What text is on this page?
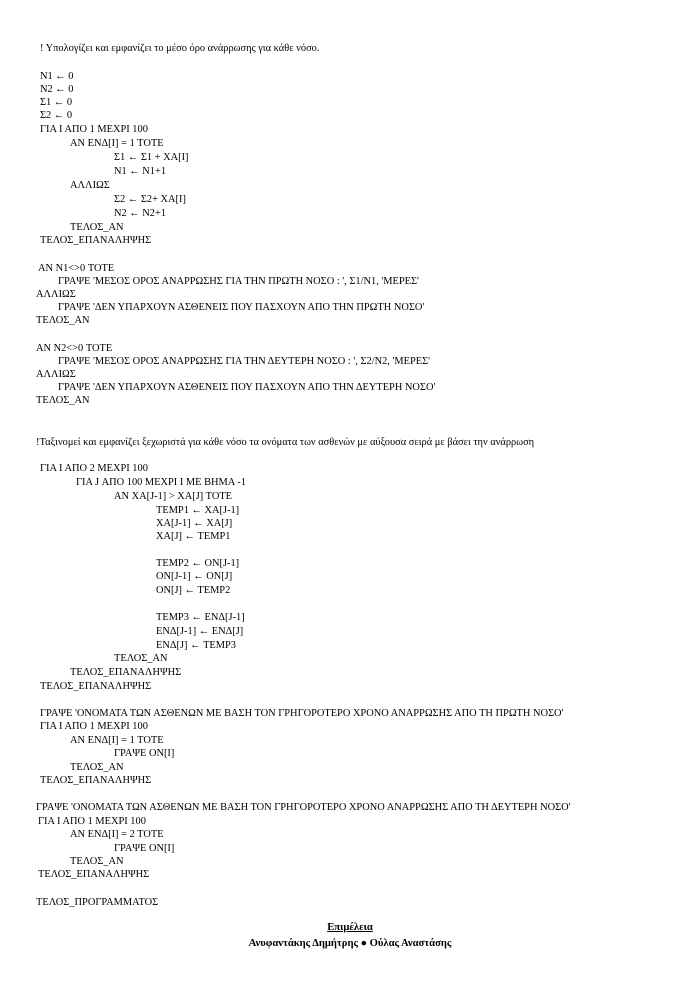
! Υπολογίζει και εμφανίζει το μέσο όρο ανάρρωσης για κάθε νόσο.
N1 ← 0
N2 ← 0
Σ1 ← 0
Σ2 ← 0
ΓΙΑ Ι ΑΠΟ 1 ΜΕΧΡΙ 100
ΑΝ ΕΝΔ[Ι] = 1 ΤΟΤΕ
Σ1 ← Σ1 + ΧΑ[Ι]
N1 ← N1+1
ΑΛΛΙΩΣ
Σ2 ← Σ2+ ΧΑ[Ι]
N2 ← N2+1
ΤΕΛΟΣ_ΑΝ
ΤΕΛΟΣ_ΕΠΑΝΑΛΗΨΗΣ
ΑΝ N1<>0 ΤΟΤΕ
ΓΡΑΨΕ 'ΜΕΣΟΣ ΟΡΟΣ ΑΝΑΡΡΩΣΗΣ ΓΙΑ ΤΗΝ ΠΡΩΤΗ ΝΟΣΟ : ', Σ1/N1, 'ΜΕΡΕΣ'
ΑΛΛΙΩΣ
ΓΡΑΨΕ 'ΔΕΝ ΥΠΑΡΧΟΥΝ ΑΣΘΕΝΕΙΣ ΠΟΥ ΠΑΣΧΟΥΝ ΑΠΟ ΤΗΝ ΠΡΩΤΗ ΝΟΣΟ'
ΤΕΛΟΣ_ΑΝ
ΑΝ N2<>0 ΤΟΤΕ
ΓΡΑΨΕ 'ΜΕΣΟΣ ΟΡΟΣ ΑΝΑΡΡΩΣΗΣ ΓΙΑ ΤΗΝ ΔΕΥΤΕΡΗ ΝΟΣΟ : ', Σ2/N2, 'ΜΕΡΕΣ'
ΑΛΛΙΩΣ
ΓΡΑΨΕ 'ΔΕΝ ΥΠΑΡΧΟΥΝ ΑΣΘΕΝΕΙΣ ΠΟΥ ΠΑΣΧΟΥΝ ΑΠΟ ΤΗΝ ΔΕΥΤΕΡΗ ΝΟΣΟ'
ΤΕΛΟΣ_ΑΝ
!Ταξινομεί και εμφανίζει ξεχωριστά για κάθε νόσο τα ονόματα των ασθενών με αύξουσα σειρά με βάσει την ανάρρωση
ΓΙΑ Ι ΑΠΟ 2 ΜΕΧΡΙ 100
ΓΙΑ J ΑΠΟ 100 ΜΕΧΡΙ Ι ΜΕ ΒΗΜΑ -1
ΑΝ ΧΑ[J-1] > ΧΑ[J] ΤΟΤΕ
TEMP1 ← ΧΑ[J-1]
ΧΑ[J-1] ← ΧΑ[J]
ΧΑ[J] ← TEMP1
TEMP2 ← ON[J-1]
ON[J-1] ← ON[J]
ON[J] ← TEMP2
TEMP3 ← ΕΝΔ[J-1]
ΕΝΔ[J-1] ← ΕΝΔ[J]
ΕΝΔ[J] ← TEMP3
ΤΕΛΟΣ_ΑΝ
ΤΕΛΟΣ_ΕΠΑΝΑΛΗΨΗΣ
ΤΕΛΟΣ_ΕΠΑΝΑΛΗΨΗΣ
ΓΡΑΨΕ 'ΟΝΟΜΑΤΑ ΤΩΝ ΑΣΘΕΝΩΝ ΜΕ ΒΑΣΗ ΤΟΝ ΓΡΗΓΟΡΟΤΕΡΟ ΧΡΟΝΟ ΑΝΑΡΡΩΣΗΣ ΑΠΟ ΤΗ ΠΡΩΤΗ ΝΟΣΟ'
ΓΙΑ Ι ΑΠΟ 1 ΜΕΧΡΙ 100
ΑΝ ΕΝΔ[Ι] = 1 ΤΟΤΕ
ΓΡΑΨΕ ON[Ι]
ΤΕΛΟΣ_ΑΝ
ΤΕΛΟΣ_ΕΠΑΝΑΛΗΨΗΣ
ΓΡΑΨΕ 'ΟΝΟΜΑΤΑ ΤΩΝ ΑΣΘΕΝΩΝ ΜΕ ΒΑΣΗ ΤΟΝ ΓΡΗΓΟΡΟΤΕΡΟ ΧΡΟΝΟ ΑΝΑΡΡΩΣΗΣ ΑΠΟ ΤΗ ΔΕΥΤΕΡΗ ΝΟΣΟ'
ΓΙΑ Ι ΑΠΟ 1 ΜΕΧΡΙ 100
ΑΝ ΕΝΔ[Ι] = 2 ΤΟΤΕ
ΓΡΑΨΕ ON[Ι]
ΤΕΛΟΣ_ΑΝ
ΤΕΛΟΣ_ΕΠΑΝΑΛΗΨΗΣ
ΤΕΛΟΣ_ΠΡΟΓΡΑΜΜΑΤΟΣ
Επιμέλεια
Ανυφαντάκης Δημήτρης ● Ούλας Αναστάσης
